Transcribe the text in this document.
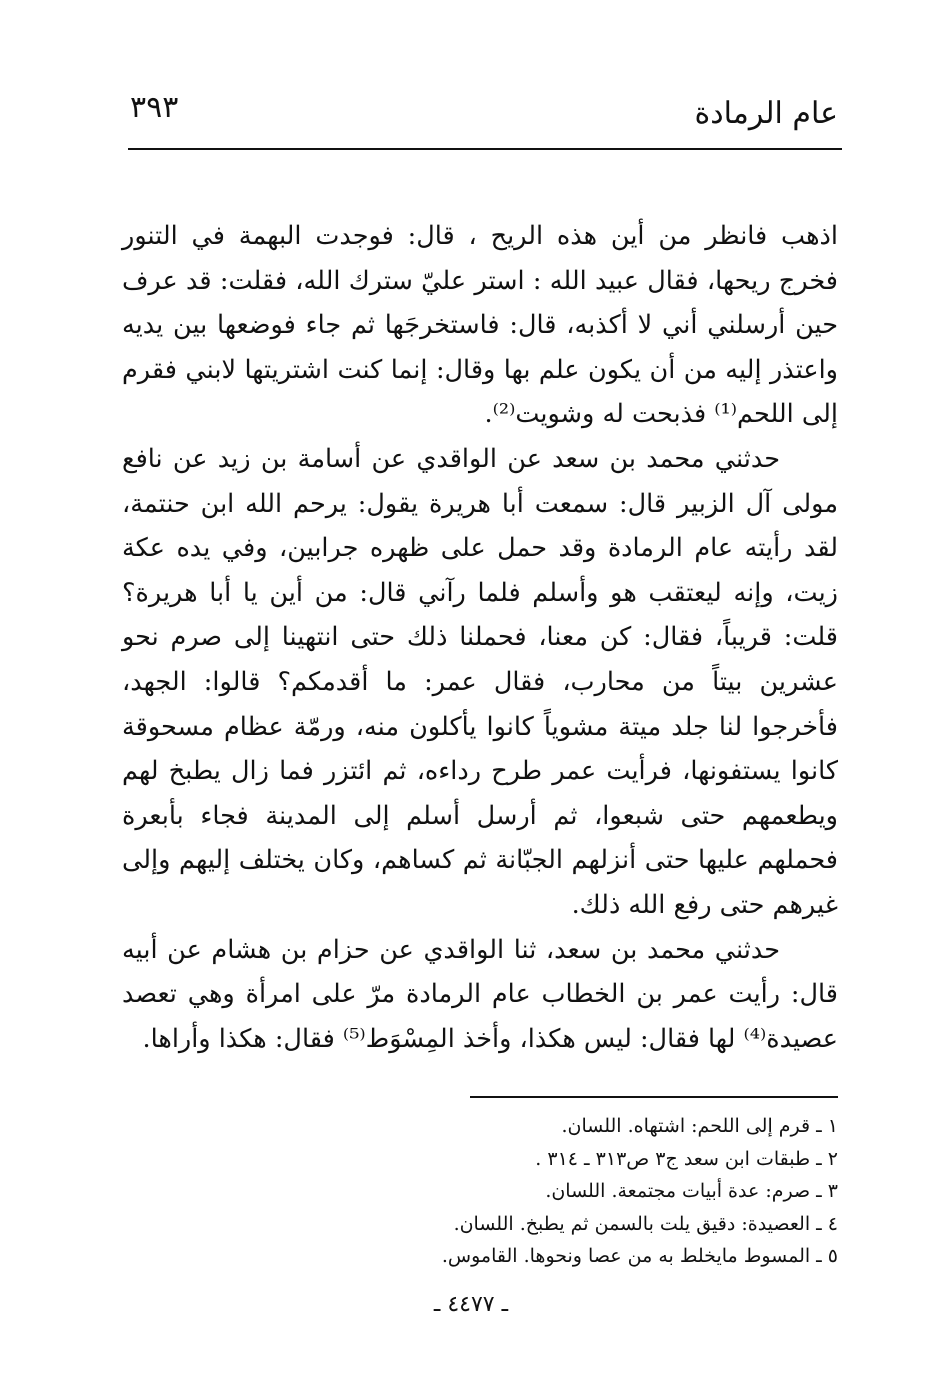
عام الرمادة
٣٩٣

اذهب فانظر من أين هذه الريح ، قال: فوجدت البهمة في التنور فخرج ريحها، فقال عبيد الله : استر عليّ سترك الله، فقلت: قد عرف حين أرسلني أني لا أكذبه، قال: فاستخرجَها ثم جاء فوضعها بين يديه واعتذر إليه من أن يكون علم بها وقال: إنما كنت اشتريتها لابني فقرم إلى اللحم⁽¹⁾ فذبحت له وشويت⁽²⁾.

حدثني محمد بن سعد عن الواقدي عن أسامة بن زيد عن نافع مولى آل الزبير قال: سمعت أبا هريرة يقول: يرحم الله ابن حنتمة، لقد رأيته عام الرمادة وقد حمل على ظهره جرابين، وفي يده عكة زيت، وإنه ليعتقب هو وأسلم فلما رآني قال: من أين يا أبا هريرة؟ قلت: قريباً، فقال: كن معنا، فحملنا ذلك حتى انتهينا إلى صرم نحو عشرين بيتاً من محارب، فقال عمر: ما أقدمكم؟ قالوا: الجهد، فأخرجوا لنا جلد ميتة مشوياً كانوا يأكلون منه، ورمّة عظام مسحوقة كانوا يستفونها، فرأيت عمر طرح رداءه، ثم ائتزر فما زال يطبخ لهم ويطعمهم حتى شبعوا، ثم أرسل أسلم إلى المدينة فجاء بأبعرة فحملهم عليها حتى أنزلهم الجبّانة ثم كساهم، وكان يختلف إليهم وإلى غيرهم حتى رفع الله ذلك.

حدثني محمد بن سعد، ثنا الواقدي عن حزام بن هشام عن أبيه قال: رأيت عمر بن الخطاب عام الرمادة مرّ على امرأة وهي تعصد عصيدة⁽⁴⁾ لها فقال: ليس هكذا، وأخذ المِسْوَط⁽⁵⁾ فقال: هكذا وأراها.

١ ـ قرم إلى اللحم: اشتهاه. اللسان.
٢ ـ طبقات ابن سعد ج٣ ص٣١٣ ـ ٣١٤ .
٣ ـ صرم: عدة أبيات مجتمعة. اللسان.
٤ ـ العصيدة: دقيق يلت بالسمن ثم يطبخ. اللسان.
٥ ـ المسوط مايخلط به من عصا ونحوها. القاموس.
ـ ٤٤٧٧ ـ
